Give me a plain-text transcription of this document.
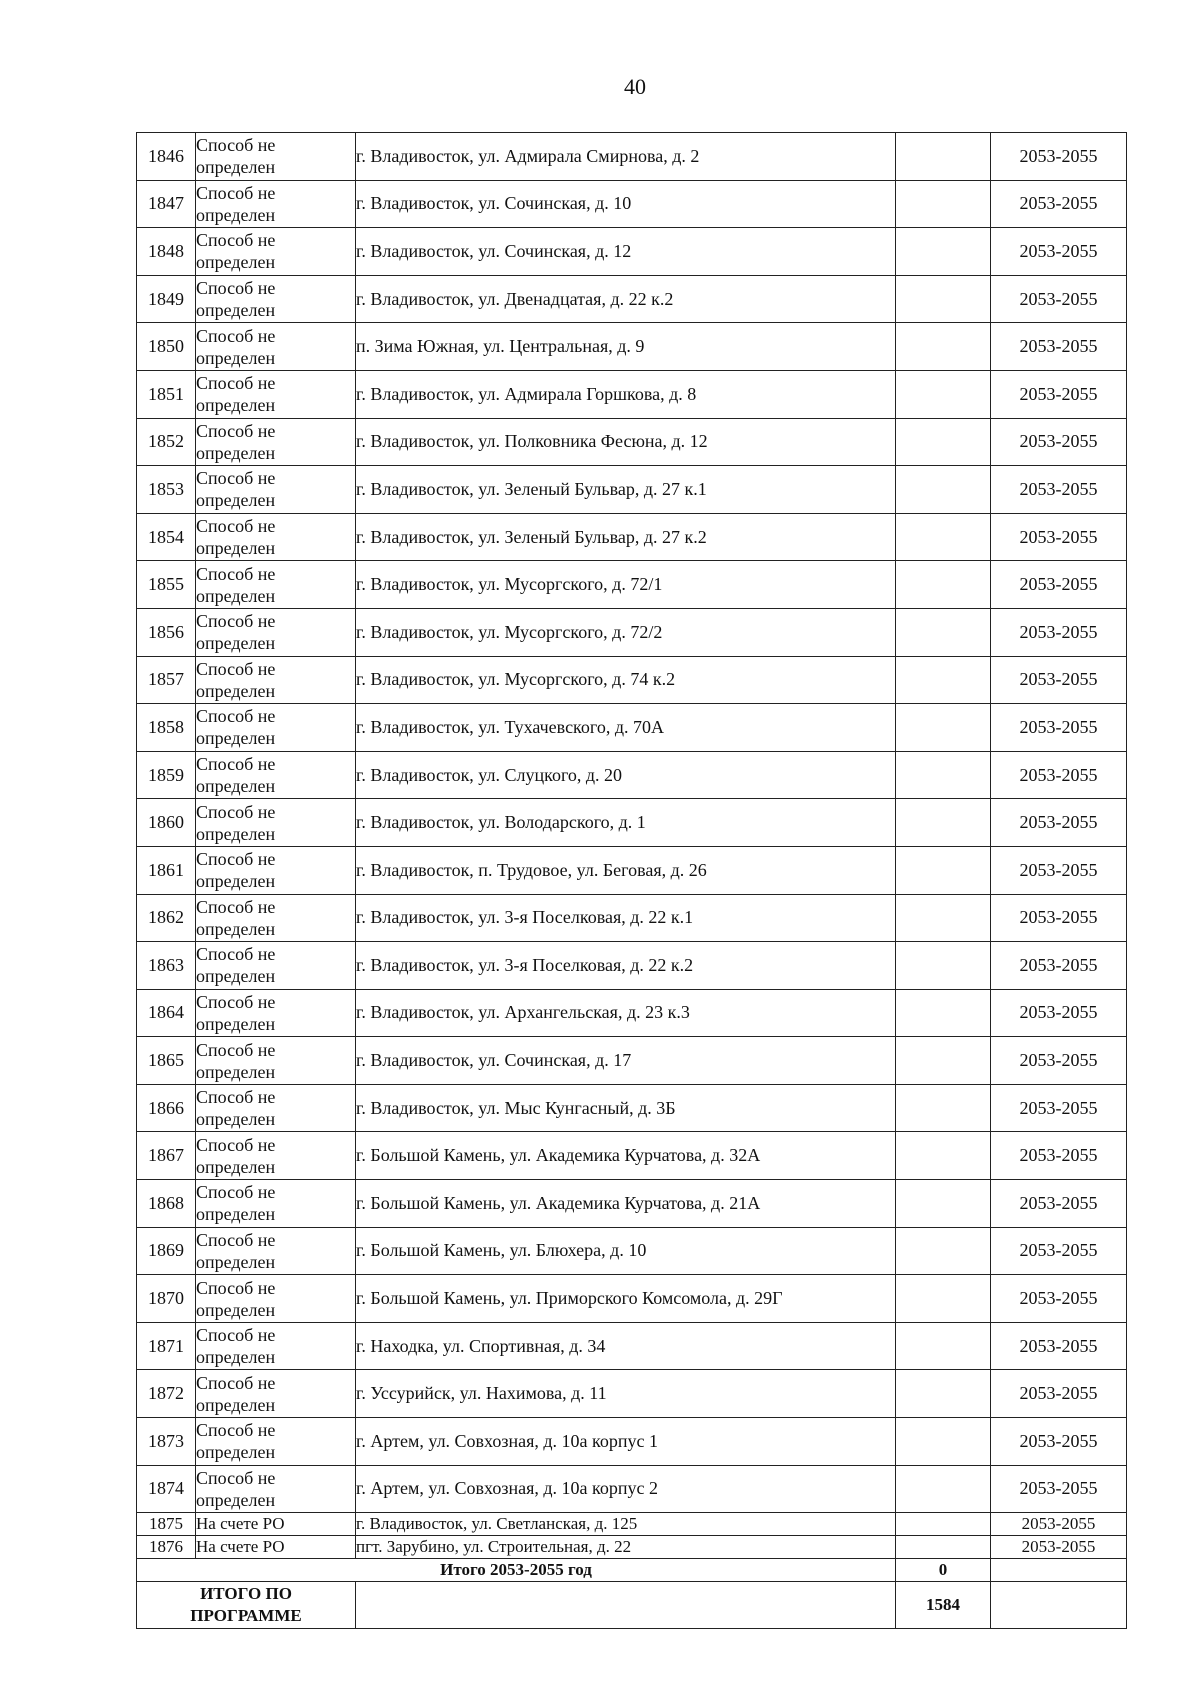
40
1846	Способ не
определен	г. Владивосток, ул. Адмирала Смирнова, д. 2		2053-2055
1847	Способ не
определен	г. Владивосток, ул. Сочинская, д. 10		2053-2055
1848	Способ не
определен	г. Владивосток, ул. Сочинская, д. 12		2053-2055
1849	Способ не
определен	г. Владивосток, ул. Двенадцатая, д. 22 к.2		2053-2055
1850	Способ не
определен	п. Зима Южная, ул. Центральная, д. 9		2053-2055
1851	Способ не
определен	г. Владивосток, ул. Адмирала Горшкова, д. 8		2053-2055
1852	Способ не
определен	г. Владивосток, ул. Полковника Фесюна, д. 12		2053-2055
1853	Способ не
определен	г. Владивосток, ул. Зеленый Бульвар, д. 27 к.1		2053-2055
1854	Способ не
определен	г. Владивосток, ул. Зеленый Бульвар, д. 27 к.2		2053-2055
1855	Способ не
определен	г. Владивосток, ул. Мусоргского, д. 72/1		2053-2055
1856	Способ не
определен	г. Владивосток, ул. Мусоргского, д. 72/2		2053-2055
1857	Способ не
определен	г. Владивосток, ул. Мусоргского, д. 74 к.2		2053-2055
1858	Способ не
определен	г. Владивосток, ул. Тухачевского, д. 70А		2053-2055
1859	Способ не
определен	г. Владивосток, ул. Слуцкого, д. 20		2053-2055
1860	Способ не
определен	г. Владивосток, ул. Володарского, д. 1		2053-2055
1861	Способ не
определен	г. Владивосток, п. Трудовое, ул. Беговая, д. 26		2053-2055
1862	Способ не
определен	г. Владивосток, ул. 3-я Поселковая, д. 22 к.1		2053-2055
1863	Способ не
определен	г. Владивосток, ул. 3-я Поселковая, д. 22 к.2		2053-2055
1864	Способ не
определен	г. Владивосток, ул. Архангельская, д. 23 к.3		2053-2055
1865	Способ не
определен	г. Владивосток, ул. Сочинская, д. 17		2053-2055
1866	Способ не
определен	г. Владивосток, ул. Мыс Кунгасный, д. 3Б		2053-2055
1867	Способ не
определен	г. Большой Камень, ул. Академика Курчатова, д. 32А		2053-2055
1868	Способ не
определен	г. Большой Камень, ул. Академика Курчатова, д. 21А		2053-2055
1869	Способ не
определен	г. Большой Камень, ул. Блюхера, д. 10		2053-2055
1870	Способ не
определен	г. Большой Камень, ул. Приморского Комсомола, д. 29Г		2053-2055
1871	Способ не
определен	г. Находка, ул. Спортивная, д. 34		2053-2055
1872	Способ не
определен	г. Уссурийск, ул. Нахимова, д. 11		2053-2055
1873	Способ не
определен	г. Артем, ул. Совхозная, д. 10а корпус 1		2053-2055
1874	Способ не
определен	г. Артем, ул. Совхозная, д. 10а корпус 2		2053-2055
1875	На счете РО	г. Владивосток, ул. Светланская, д. 125		2053-2055
1876	На счете РО	пгт. Зарубино, ул. Строительная, д. 22		2053-2055
Итого 2053-2055 год			0	

ИТОГО ПО
ПРОГРАММЕ			1584	
